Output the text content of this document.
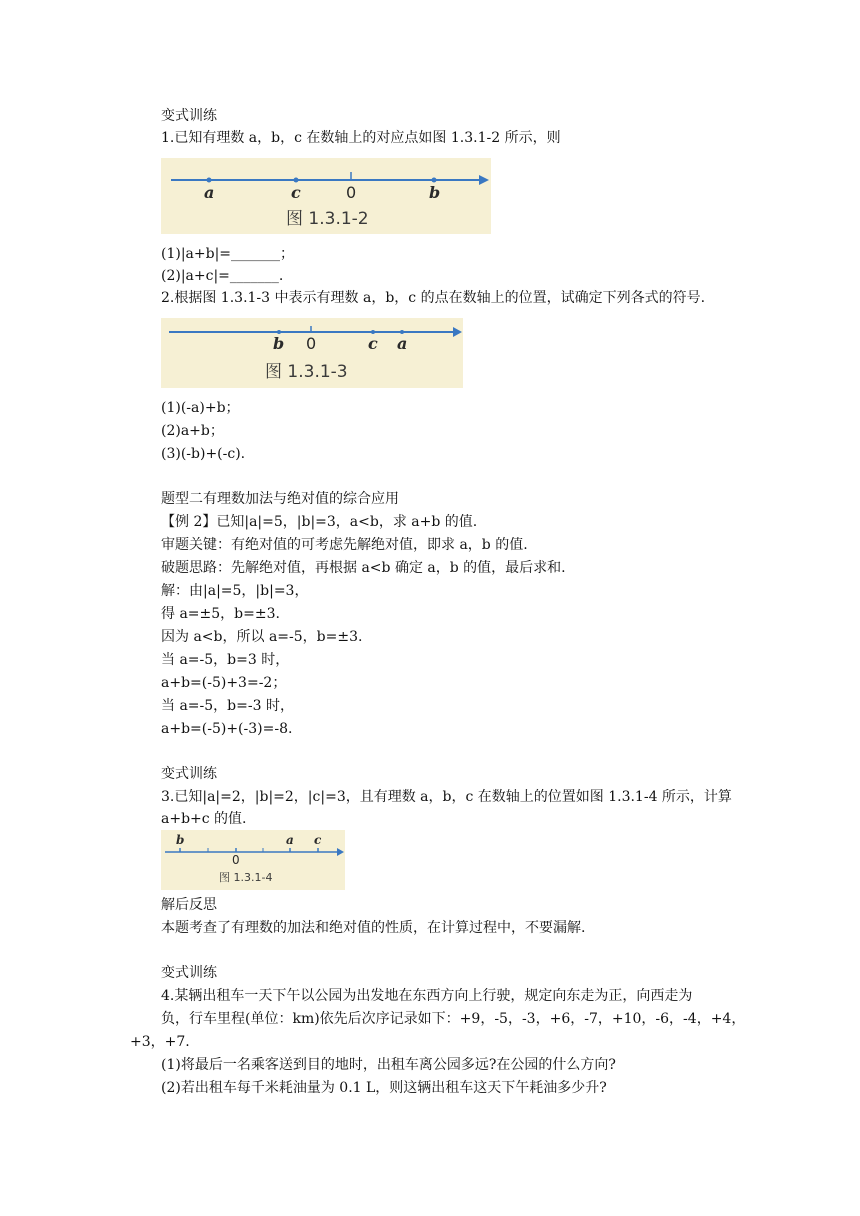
变式训练
1.已知有理数 a，b，c 在数轴上的对应点如图 1.3.1-2 所示，则
a	c	0	b
图 1.3.1-2
(1)|a+b|=_______；
(2)|a+c|=_______.
2.根据图 1.3.1-3 中表示有理数 a，b，c 的点在数轴上的位置，试确定下列各式的符号.
b 0	c a
图 1.3.1-3
(1)(-a)+b；
(2)a+b；
(3)(-b)+(-c).
题型二有理数加法与绝对值的综合应用
【例 2】已知|a|=5，|b|=3，a<b，求 a+b 的值.
审题关键：有绝对值的可考虑先解绝对值，即求 a，b 的值.
破题思路：先解绝对值，再根据 a<b 确定 a，b 的值，最后求和.
解：由|a|=5，|b|=3，
得 a=±5，b=±3.
因为 a<b，所以 a=-5，b=±3.
当 a=-5，b=3 时，
a+b=(-5)+3=-2；
当 a=-5，b=-3 时，
a+b=(-5)+(-3)=-8.
变式训练
3.已知|a|=2，|b|=2，|c|=3，且有理数 a，b，c 在数轴上的位置如图 1.3.1-4 所示，计算
a+b+c 的值.
b
0
a c
图 1.3.1-4
解后反思
本题考查了有理数的加法和绝对值的性质，在计算过程中，不要漏解.
变式训练
4.某辆出租车一天下午以公园为出发地在东西方向上行驶，规定向东走为正，向西走为
负，行车里程(单位：km)依先后次序记录如下：+9，-5，-3，+6，-7，+10，-6，-4，+4，
+3，+7.
(1)将最后一名乘客送到目的地时，出租车离公园多远?在公园的什么方向?
(2)若出租车每千米耗油量为 0.1 L，则这辆出租车这天下午耗油多少升?
